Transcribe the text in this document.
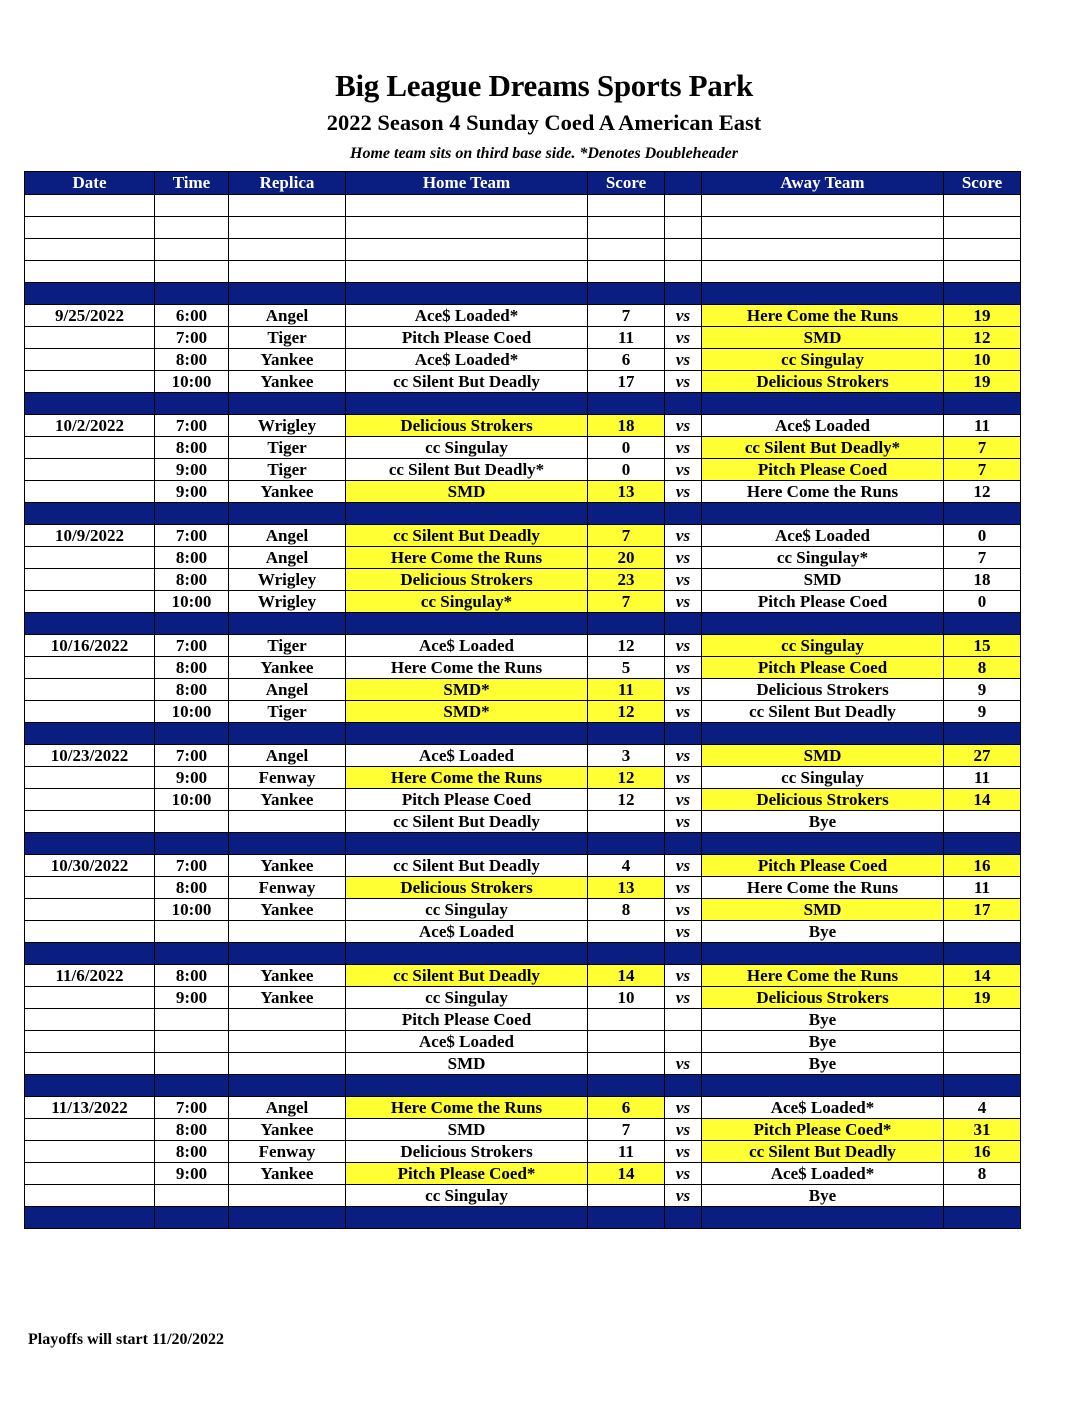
Big League Dreams Sports Park
2022 Season 4 Sunday Coed A American East
Home team sits on third base side. *Denotes Doubleheader
Date	Time	Replica	Home Team	Score		Away Team	Score

9/25/2022	6:00	Angel	Ace$ Loaded*	7	vs	Here Come the Runs	19
	7:00	Tiger	Pitch Please Coed	11	vs	SMD	12
	8:00	Yankee	Ace$ Loaded*	6	vs	cc Singulay	10
	10:00	Yankee	cc Silent But Deadly	17	vs	Delicious Strokers	19

10/2/2022	7:00	Wrigley	Delicious Strokers	18	vs	Ace$ Loaded	11
	8:00	Tiger	cc Singulay	0	vs	cc Silent But Deadly*	7
	9:00	Tiger	cc Silent But Deadly*	0	vs	Pitch Please Coed	7
	9:00	Yankee	SMD	13	vs	Here Come the Runs	12

10/9/2022	7:00	Angel	cc Silent But Deadly	7	vs	Ace$ Loaded	0
	8:00	Angel	Here Come the Runs	20	vs	cc Singulay*	7
	8:00	Wrigley	Delicious Strokers	23	vs	SMD	18
	10:00	Wrigley	cc Singulay*	7	vs	Pitch Please Coed	0

10/16/2022	7:00	Tiger	Ace$ Loaded	12	vs	cc Singulay	15
	8:00	Yankee	Here Come the Runs	5	vs	Pitch Please Coed	8
	8:00	Angel	SMD*	11	vs	Delicious Strokers	9
	10:00	Tiger	SMD*	12	vs	cc Silent But Deadly	9

10/23/2022	7:00	Angel	Ace$ Loaded	3	vs	SMD	27
	9:00	Fenway	Here Come the Runs	12	vs	cc Singulay	11
	10:00	Yankee	Pitch Please Coed	12	vs	Delicious Strokers	14
			cc Silent But Deadly		vs	Bye	

10/30/2022	7:00	Yankee	cc Silent But Deadly	4	vs	Pitch Please Coed	16
	8:00	Fenway	Delicious Strokers	13	vs	Here Come the Runs	11
	10:00	Yankee	cc Singulay	8	vs	SMD	17
			Ace$ Loaded		vs	Bye	

11/6/2022	8:00	Yankee	cc Silent But Deadly	14	vs	Here Come the Runs	14
	9:00	Yankee	cc Singulay	10	vs	Delicious Strokers	19
			Pitch Please Coed			Bye	
			Ace$ Loaded			Bye	
			SMD		vs	Bye	

11/13/2022	7:00	Angel	Here Come the Runs	6	vs	Ace$ Loaded*	4
	8:00	Yankee	SMD	7	vs	Pitch Please Coed*	31
	8:00	Fenway	Delicious Strokers	11	vs	cc Silent But Deadly	16
	9:00	Yankee	Pitch Please Coed*	14	vs	Ace$ Loaded*	8
			cc Singulay		vs	Bye	

Playoffs will start 11/20/2022
